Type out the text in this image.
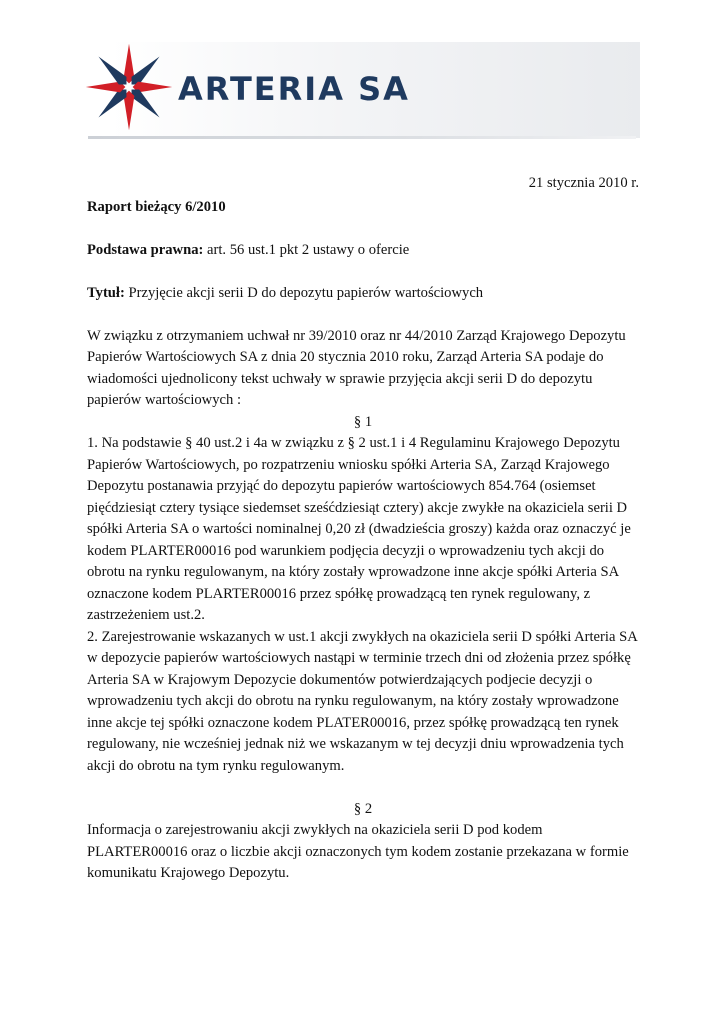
ARTERIA SA

21 stycznia 2010 r.

Raport bieżący 6/2010

Podstawa prawna: art. 56 ust.1 pkt 2 ustawy o ofercie

Tytuł: Przyjęcie akcji serii D do depozytu papierów wartościowych

W związku z otrzymaniem uchwał nr 39/2010 oraz nr 44/2010 Zarząd Krajowego Depozytu Papierów Wartościowych SA z dnia 20 stycznia 2010 roku, Zarząd Arteria SA podaje do wiadomości ujednolicony tekst uchwały w sprawie przyjęcia akcji serii D do depozytu papierów wartościowych :

§ 1

1. Na podstawie § 40 ust.2 i 4a w związku z § 2 ust.1 i 4 Regulaminu Krajowego Depozytu Papierów Wartościowych, po rozpatrzeniu wniosku spółki Arteria SA, Zarząd Krajowego Depozytu postanawia przyjąć do depozytu papierów wartościowych 854.764 (osiemset pięćdziesiąt cztery tysiące siedemset sześćdziesiąt cztery) akcje zwykłe na okaziciela serii D spółki Arteria SA o wartości nominalnej 0,20 zł (dwadzieścia groszy) każda oraz oznaczyć je kodem PLARTER00016 pod warunkiem podjęcia decyzji o wprowadzeniu tych akcji do obrotu na rynku regulowanym, na który zostały wprowadzone inne akcje spółki Arteria SA oznaczone kodem PLARTER00016 przez spółkę prowadzącą ten rynek regulowany, z zastrzeżeniem ust.2.

2. Zarejestrowanie wskazanych w ust.1 akcji zwykłych na okaziciela serii D spółki Arteria SA w depozycie papierów wartościowych nastąpi w terminie trzech dni od złożenia przez spółkę Arteria SA w Krajowym Depozycie dokumentów potwierdzających podjecie decyzji o wprowadzeniu tych akcji do obrotu na rynku regulowanym, na który zostały wprowadzone inne akcje tej spółki oznaczone kodem PLATER00016, przez spółkę prowadzącą ten rynek regulowany, nie wcześniej jednak niż we wskazanym w tej decyzji dniu wprowadzenia tych akcji do obrotu na tym rynku regulowanym.

§ 2

Informacja o zarejestrowaniu akcji zwykłych na okaziciela serii D pod kodem PLARTER00016 oraz o liczbie akcji oznaczonych tym kodem zostanie przekazana w formie komunikatu Krajowego Depozytu.
